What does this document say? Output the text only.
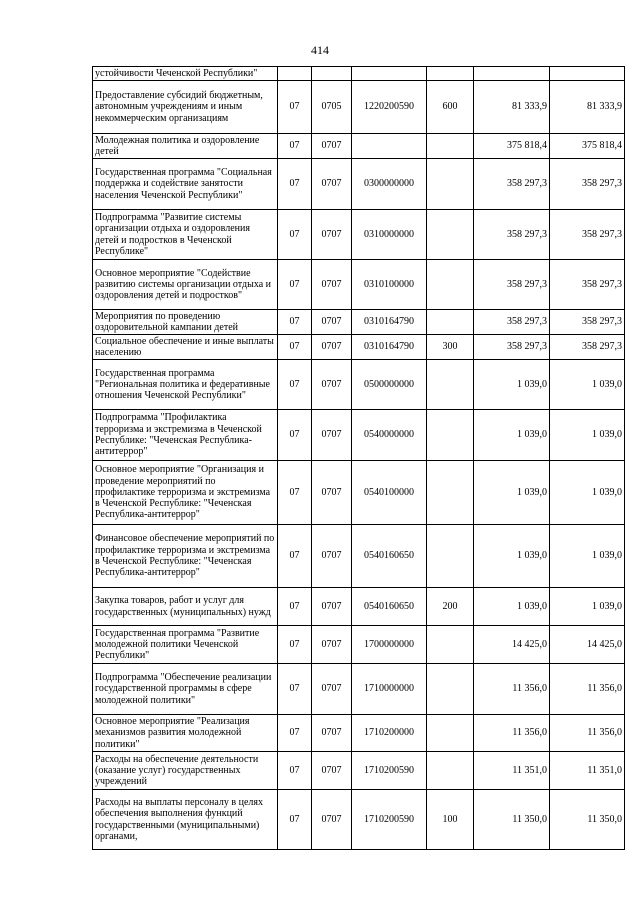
414
устойчивости Чеченской Республики"						
Предоставление субсидий бюджетным, автономным учреждениям и иным некоммерческим организациям	07	0705	1220200590	600	81 333,9	81 333,9
Молодежная политика и оздоровление детей	07	0707			375 818,4	375 818,4
Государственная программа "Социальная поддержка и содействие занятости населения Чеченской Республики"	07	0707	0300000000		358 297,3	358 297,3
Подпрограмма "Развитие системы организации отдыха и оздоровления детей и подростков в Чеченской Республике"	07	0707	0310000000		358 297,3	358 297,3
Основное мероприятие "Содействие развитию системы организации отдыха и оздоровления детей и подростков"	07	0707	0310100000		358 297,3	358 297,3
Мероприятия по проведению оздоровительной кампании детей	07	0707	0310164790		358 297,3	358 297,3
Социальное обеспечение и иные выплаты населению	07	0707	0310164790	300	358 297,3	358 297,3
Государственная программа "Региональная политика и федеративные отношения Чеченской Республики"	07	0707	0500000000		1 039,0	1 039,0
Подпрограмма "Профилактика терроризма и экстремизма в Чеченской Республике: "Чеченская Республика-антитеррор"	07	0707	0540000000		1 039,0	1 039,0
Основное мероприятие "Организация и проведение мероприятий по профилактике терроризма и экстремизма в Чеченской Республике: "Чеченская Республика-антитеррор"	07	0707	0540100000		1 039,0	1 039,0
Финансовое обеспечение мероприятий по профилактике терроризма и экстремизма в Чеченской Республике: "Чеченская Республика-антитеррор"	07	0707	0540160650		1 039,0	1 039,0
Закупка товаров, работ и услуг для государственных (муниципальных) нужд	07	0707	0540160650	200	1 039,0	1 039,0
Государственная программа "Развитие молодежной политики Чеченской Республики"	07	0707	1700000000		14 425,0	14 425,0
Подпрограмма "Обеспечение реализации государственной программы в сфере молодежной политики"	07	0707	1710000000		11 356,0	11 356,0
Основное мероприятие "Реализация механизмов развития молодежной политики"	07	0707	1710200000		11 356,0	11 356,0
Расходы на обеспечение деятельности (оказание услуг) государственных учреждений	07	0707	1710200590		11 351,0	11 351,0
Расходы на выплаты персоналу в целях обеспечения выполнения функций государственными (муниципальными) органами,	07	0707	1710200590	100	11 350,0	11 350,0
